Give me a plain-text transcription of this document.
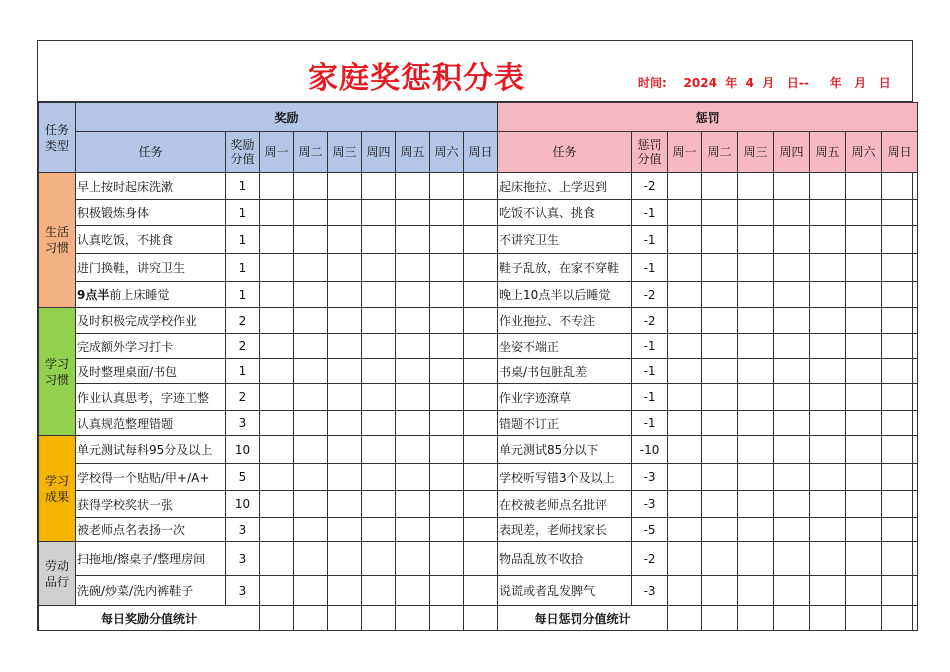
家庭奖惩积分表	时间: 2024  年  4  月   日--     年   月   日
任务类型	奖励									惩罚								
	任务	奖励分值	周一	周二	周三	周四	周五	周六	周日	任务	惩罚分值	周一	周二	周三	周四	周五	周六	周日
生活习惯	早上按时起床洗漱	1								起床拖拉、上学迟到	-2							
	积极锻炼身体	1								吃饭不认真、挑食	-1							
	认真吃饭，不挑食	1								不讲究卫生	-1							
	进门换鞋，讲究卫生	1								鞋子乱放，在家不穿鞋	-1							
	9点半前上床睡觉	1								晚上10点半以后睡觉	-2							
学习习惯	及时积极完成学校作业	2								作业拖拉、不专注	-2							
	完成额外学习打卡	2								坐姿不端正	-1							
	及时整理桌面/书包	1								书桌/书包脏乱差	-1							
	作业认真思考，字迹工整	2								作业字迹潦草	-1							
	认真规范整理错题	3								错题不订正	-1							
学习成果	单元测试每科95分及以上	10								单元测试85分以下	-10							
	学校得一个贴贴/甲+/A+	5								学校听写错3个及以上	-3							
	获得学校奖状一张	10								在校被老师点名批评	-3							
	被老师点名表扬一次	3								表现差，老师找家长	-5							
劳动品行	扫拖地/擦桌子/整理房间	3								物品乱放不收拾	-2							
	洗碗/炒菜/洗内裤鞋子	3								说谎或者乱发脾气	-3							
每日奖励分值统计										每日惩罚分值统计								
